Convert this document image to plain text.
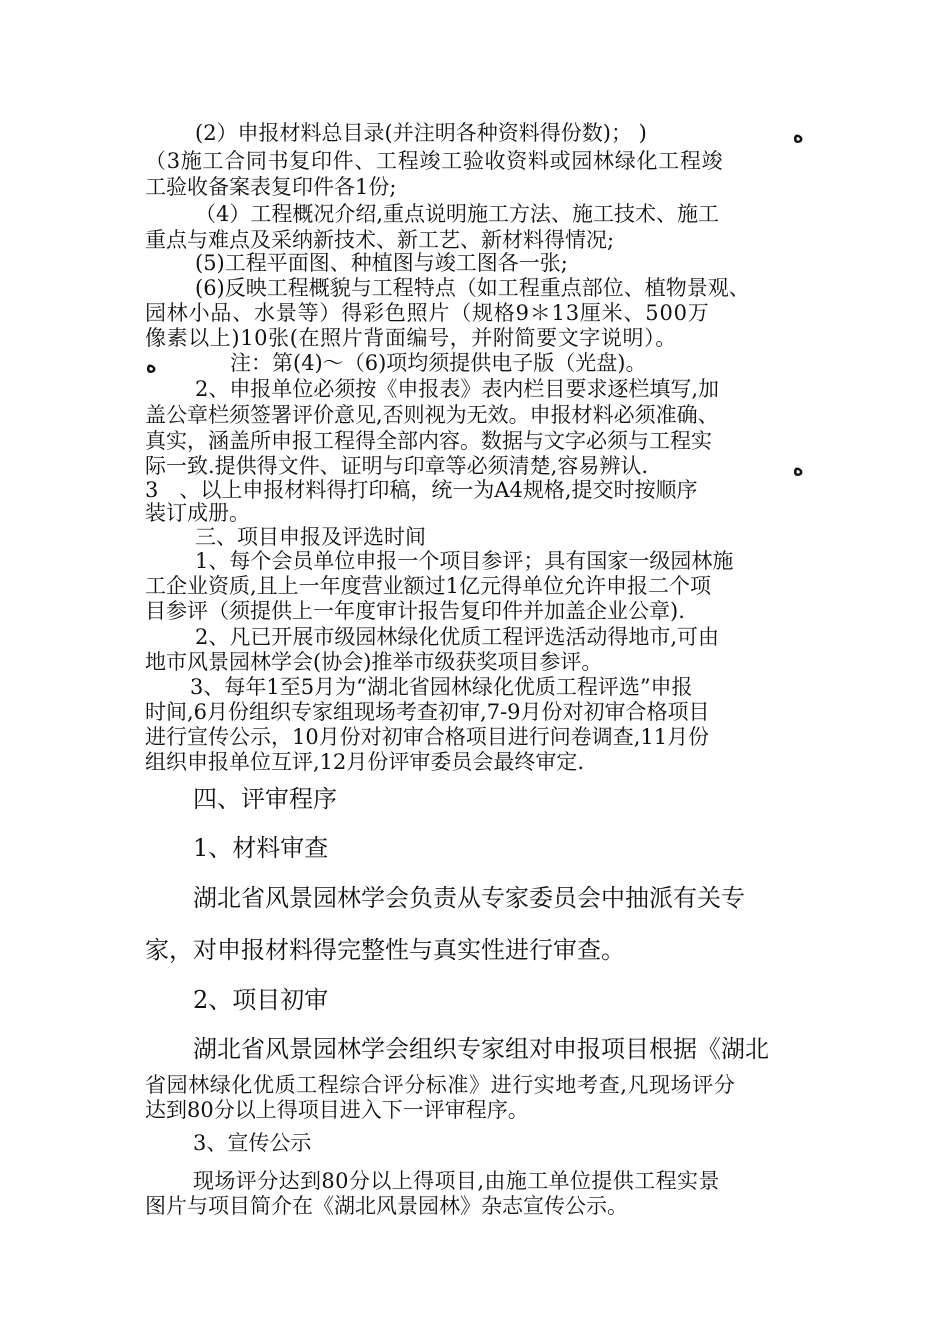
(2）申报材料总目录(并注明各种资料得份数)； )	ﻩ
（3施工合同书复印件、工程竣工验收资料或园林绿化工程竣
工验收备案表复印件各1份;
（4）工程概况介绍,重点说明施工方法、施工技术、施工
重点与难点及采纳新技术、新工艺、新材料得情况;
(5)工程平面图、种植图与竣工图各一张;
(6)反映工程概貌与工程特点（如工程重点部位、植物景观、
园林小品、水景等）得彩色照片（规格9＊13厘米、500万
像素以上)10张(在照片背面编号，并附简要文字说明）。
ﻩ	注：第(4)～（6)项均须提供电子版（光盘)。
2、申报单位必须按《申报表》表内栏目要求逐栏填写,加
盖公章栏须签署评价意见,否则视为无效。申报材料必须准确、
真实，涵盖所申报工程得全部内容。数据与文字必须与工程实
际一致.提供得文件、证明与印章等必须清楚,容易辨认.	ﻩ
3　、以上申报材料得打印稿，统一为A4规格,提交时按顺序
装订成册。
三、项目申报及评选时间
1、每个会员单位申报一个项目参评；具有国家一级园林施
工企业资质,且上一年度营业额过1亿元得单位允许申报二个项
目参评（须提供上一年度审计报告复印件并加盖企业公章).
2、凡已开展市级园林绿化优质工程评选活动得地市,可由
地市风景园林学会(协会)推举市级获奖项目参评。
3、每年1至5月为“湖北省园林绿化优质工程评选”申报
时间,6月份组织专家组现场考查初审,7-9月份对初审合格项目
进行宣传公示，10月份对初审合格项目进行问卷调查,11月份
组织申报单位互评,12月份评审委员会最终审定.
四、评审程序
1、材料审查
湖北省风景园林学会负责从专家委员会中抽派有关专
家，对申报材料得完整性与真实性进行审查。
2、项目初审
湖北省风景园林学会组织专家组对申报项目根据《湖北
省园林绿化优质工程综合评分标准》进行实地考查,凡现场评分
达到80分以上得项目进入下一评审程序。
3、宣传公示
现场评分达到80分以上得项目,由施工单位提供工程实景
图片与项目简介在《湖北风景园林》杂志宣传公示。
